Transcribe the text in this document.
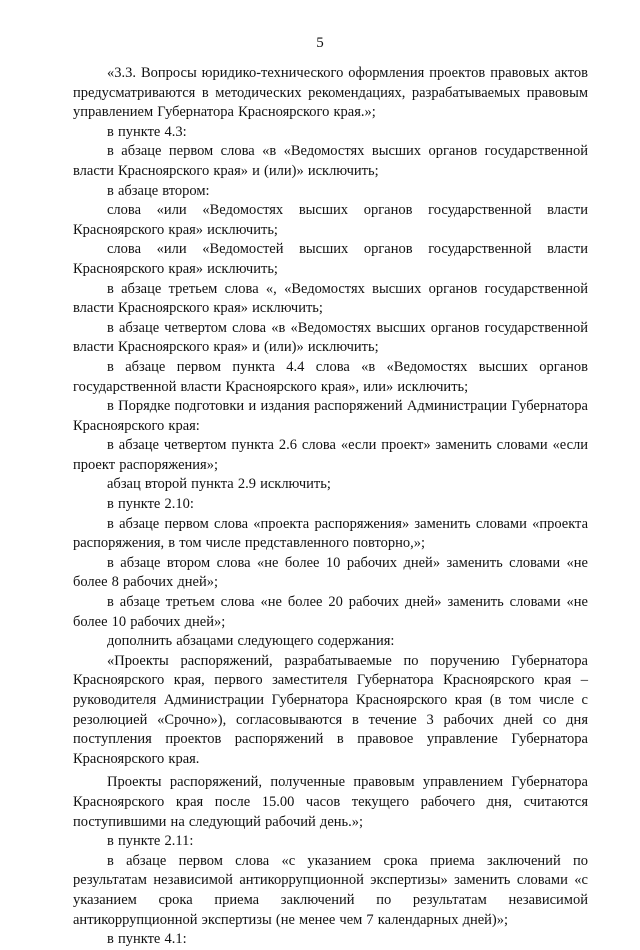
5

«3.3. Вопросы юридико-технического оформления проектов правовых актов предусматриваются в методических рекомендациях, разрабатываемых правовым управлением Губернатора Красноярского края.»;

в пункте 4.3:

в абзаце первом слова «в «Ведомостях высших органов государственной власти Красноярского края» и (или)» исключить;

в абзаце втором:

слова «или «Ведомостях высших органов государственной власти Красноярского края» исключить;

слова «или «Ведомостей высших органов государственной власти Красноярского края» исключить;

в абзаце третьем слова «, «Ведомостях высших органов государственной власти Красноярского края» исключить;

в абзаце четвертом слова «в «Ведомостях высших органов государственной власти Красноярского края» и (или)» исключить;

в абзаце первом пункта 4.4 слова «в «Ведомостях высших органов государственной власти Красноярского края», или» исключить;

в Порядке подготовки и издания распоряжений Администрации Губернатора Красноярского края:

в абзаце четвертом пункта 2.6 слова «если проект» заменить словами «если проект распоряжения»;

абзац второй пункта 2.9 исключить;

в пункте 2.10:

в абзаце первом слова «проекта распоряжения» заменить словами «проекта распоряжения, в том числе представленного повторно,»;

в абзаце втором слова «не более 10 рабочих дней» заменить словами «не более 8 рабочих дней»;

в абзаце третьем слова «не более 20 рабочих дней» заменить словами «не более 10 рабочих дней»;

дополнить абзацами следующего содержания:

«Проекты распоряжений, разрабатываемые по поручению Губернатора Красноярского края, первого заместителя Губернатора Красноярского края – руководителя Администрации Губернатора Красноярского края (в том числе с резолюцией «Срочно»), согласовываются в течение 3 рабочих дней со дня поступления проектов распоряжений в правовое управление Губернатора Красноярского края.

Проекты распоряжений, полученные правовым управлением Губернатора Красноярского края после 15.00 часов текущего рабочего дня, считаются поступившими на следующий рабочий день.»;

в пункте 2.11:

в абзаце первом слова «с указанием срока приема заключений по результатам независимой антикоррупционной экспертизы» заменить словами «с указанием срока приема заключений по результатам независимой антикоррупционной экспертизы (не менее чем 7 календарных дней)»;

в пункте 4.1:
